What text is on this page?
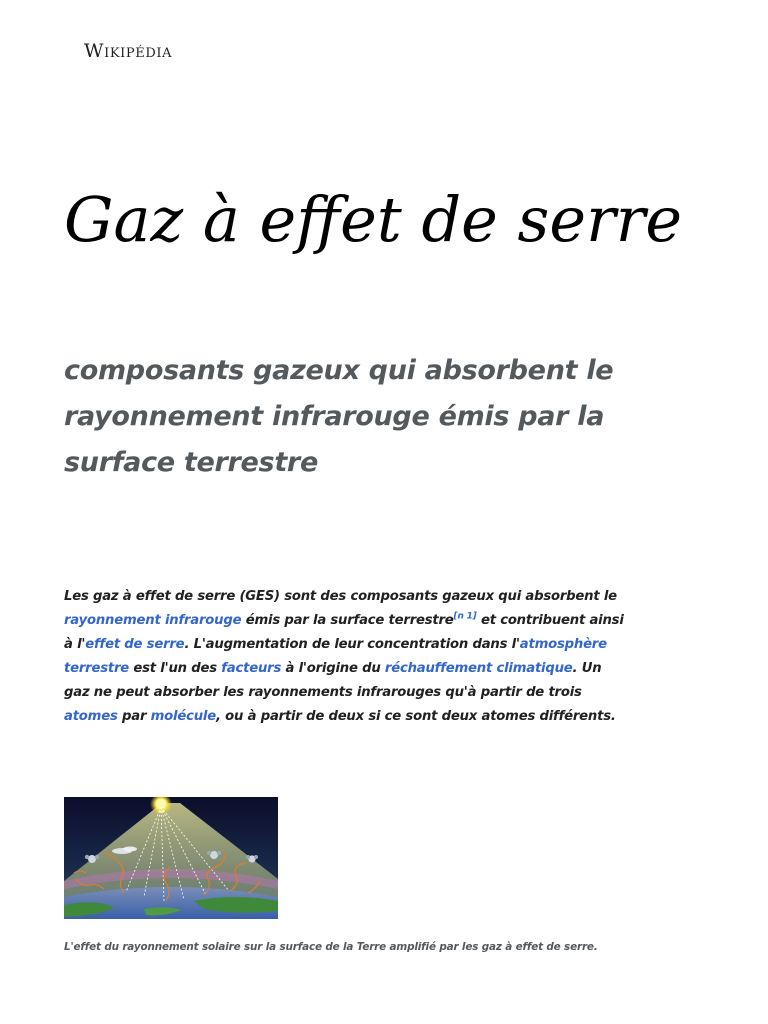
Wikipédia
Gaz à effet de serre
composants gazeux qui absorbent le rayonnement infrarouge émis par la surface terrestre

Les gaz à effet de serre (GES) sont des composants gazeux qui absorbent le rayonnement infrarouge émis par la surface terrestre[n 1] et contribuent ainsi à l'effet de serre. L'augmentation de leur concentration dans l'atmosphère terrestre est l'un des facteurs à l'origine du réchauffement climatique. Un gaz ne peut absorber les rayonnements infrarouges qu'à partir de trois atomes par molécule, ou à partir de deux si ce sont deux atomes différents.

L'effet du rayonnement solaire sur la surface de la Terre amplifié par les gaz à effet de serre.
